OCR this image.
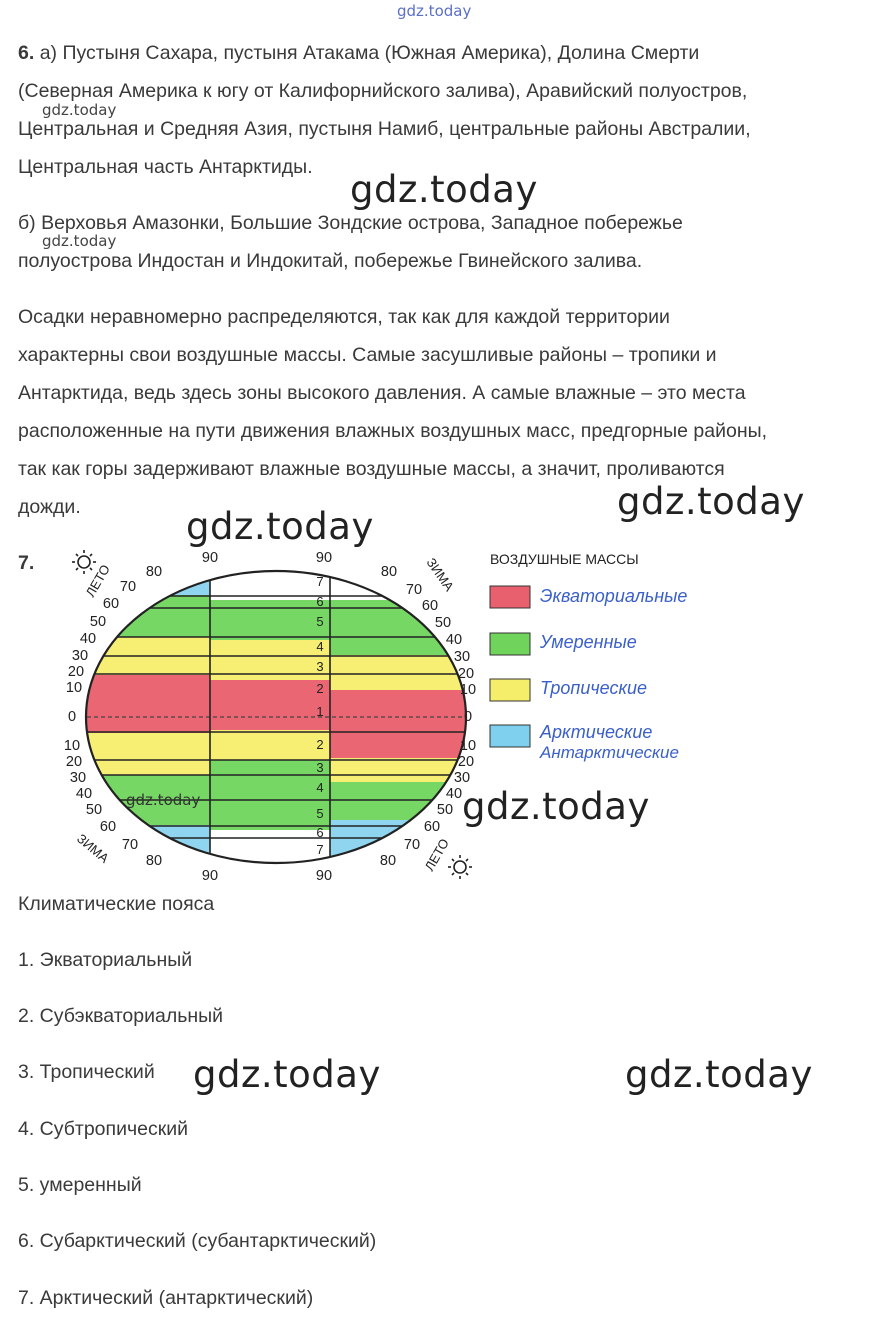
gdz.today
6. а) Пустыня Сахара, пустыня Атакама (Южная Америка), Долина Смерти
(Северная Америка к югу от Калифорнийского залива), Аравийский полуостров,
Центральная и Средняя Азия, пустыня Намиб, центральные районы Австралии,
Центральная часть Антарктиды.
б) Верховья Амазонки, Большие Зондские острова, Западное побережье
полуострова Индостан и Индокитай, побережье Гвинейского залива.
Осадки неравномерно распределяются, так как для каждой территории
характерны свои воздушные массы. Самые засушливые районы – тропики и
Антарктида, ведь здесь зоны высокого давления. А самые влажные – это места
расположенные на пути движения влажных воздушных масс, предгорные районы,
так как горы задерживают влажные воздушные массы, а значит, проливаются
дожди.
gdz.today
gdz.today
gdz.today
gdz.today
gdz.today
7.
7
6
5
4
3
2
1
2
3
4
5
6
7
90	90
80	80
70	70
60	60
50	50
40	40
30	30
20	20
10	10
0	0
10	10
20	20
30	30
40	40
50	50
60	60
70	70
80	80
90	90
ЛЕТО	ЗИМА
ЗИМА	ЛЕТО
ВОЗДУШНЫЕ МАССЫ
Экваториальные
Умеренные
Тропические
Арктические
Антарктические
gdz.today	gdz.today
Климатические пояса
1. Экваториальный
2. Субэкваториальный
3. Тропический
4. Субтропический
5. умеренный
6. Субарктический (субантарктический)
7. Арктический (антарктический)
gdz.today	gdz.today
